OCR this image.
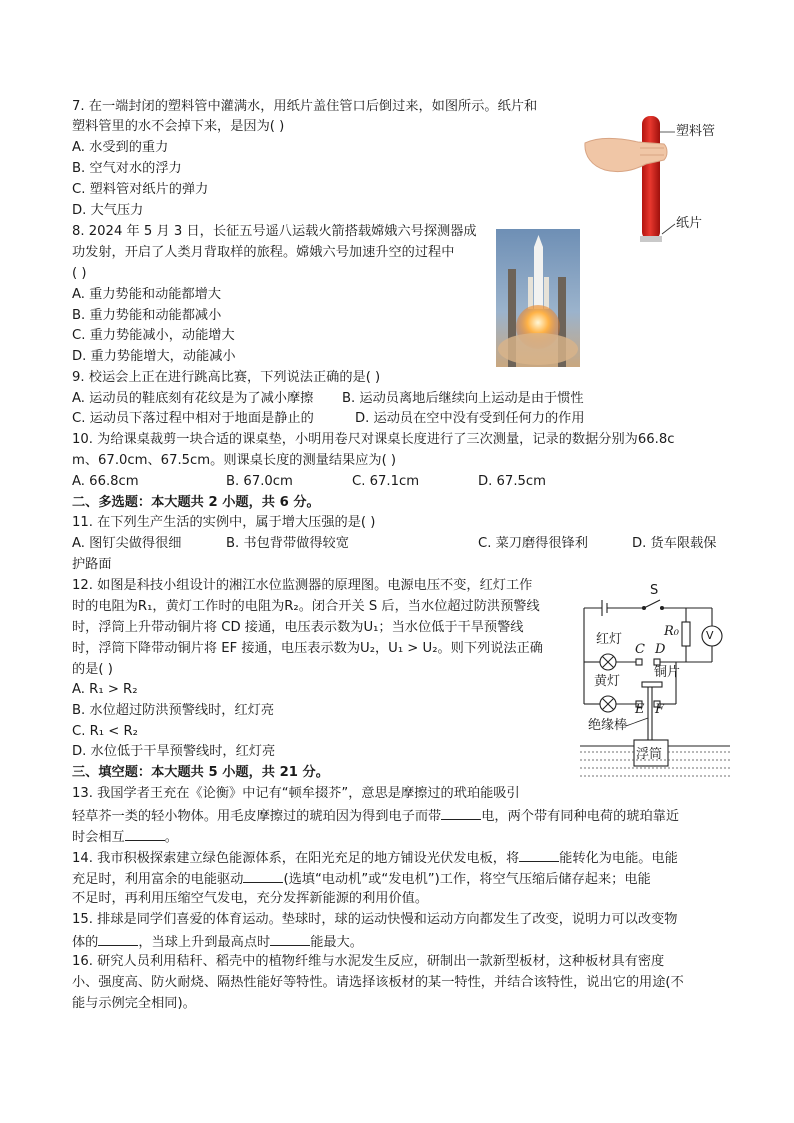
7. 在一端封闭的塑料管中灌满水，用纸片盖住管口后倒过来，如图所示。纸片和
塑料管里的水不会掉下来，是因为( )
A. 水受到的重力
B. 空气对水的浮力
C. 塑料管对纸片的弹力
D. 大气压力
塑料管
纸片
8. 2024 年 5 月 3 日，长征五号遥八运载火箭搭载嫦娥六号探测器成
功发射，开启了人类月背取样的旅程。嫦娥六号加速升空的过程中
( )
A. 重力势能和动能都增大
B. 重力势能和动能都减小
C. 重力势能减小，动能增大
D. 重力势能增大，动能减小
9. 校运会上正在进行跳高比赛，下列说法正确的是( )
A. 运动员的鞋底刻有花纹是为了减小摩擦 B. 运动员离地后继续向上运动是由于惯性
C. 运动员下落过程中相对于地面是静止的	D. 运动员在空中没有受到任何力的作用
10. 为给课桌裁剪一块合适的课桌垫，小明用卷尺对课桌长度进行了三次测量，记录的数据分别为66.8c
m、67.0cm、67.5cm。则课桌长度的测量结果应为( )
A. 66.8cm	B. 67.0cm	C. 67.1cm	D. 67.5cm
二、多选题：本大题共 2 小题，共 6 分。
11. 在下列生产生活的实例中，属于增大压强的是( )
A. 图钉尖做得很细	B. 书包背带做得较宽	C. 菜刀磨得很锋利	D. 货车限载保
护路面
12. 如图是科技小组设计的湘江水位监测器的原理图。电源电压不变，红灯工作
时的电阻为R₁，黄灯工作时的电阻为R₂。闭合开关 S 后，当水位超过防洪预警线
时，浮筒上升带动铜片将 CD 接通，电压表示数为U₁；当水位低于干旱预警线
时，浮筒下降带动铜片将 EF 接通，电压表示数为U₂，U₁ > U₂。则下列说法正确
的是( )
A. R₁ > R₂
B. 水位超过防洪预警线时，红灯亮
C. R₁ < R₂
D. 水位低于干旱预警线时，红灯亮
S
R₀ V
红灯
C D
铜片
黄灯
E F
绝缘棒
浮筒
三、填空题：本大题共 5 小题，共 21 分。
13. 我国学者王充在《论衡》中记有“顿牟掇芥”，意思是摩擦过的玳珀能吸引
轻草芥一类的轻小物体。用毛皮摩擦过的琥珀因为得到电子而带	电，两个带有同种电荷的琥珀靠近
时会相互	。
14. 我市积极探索建立绿色能源体系，在阳光充足的地方铺设光伏发电板，将	能转化为电能。电能
充足时，利用富余的电能驱动	(选填“电动机”或“发电机”)工作，将空气压缩后储存起来；电能
不足时，再利用压缩空气发电，充分发挥新能源的利用价值。
15. 排球是同学们喜爱的体育运动。垫球时，球的运动快慢和运动方向都发生了改变，说明力可以改变物
体的	，当球上升到最高点时	能最大。
16. 研究人员利用秸秆、稻壳中的植物纤维与水泥发生反应，研制出一款新型板材，这种板材具有密度
小、强度高、防火耐烧、隔热性能好等特性。请选择该板材的某一特性，并结合该特性，说出它的用途(不
能与示例完全相同)。
